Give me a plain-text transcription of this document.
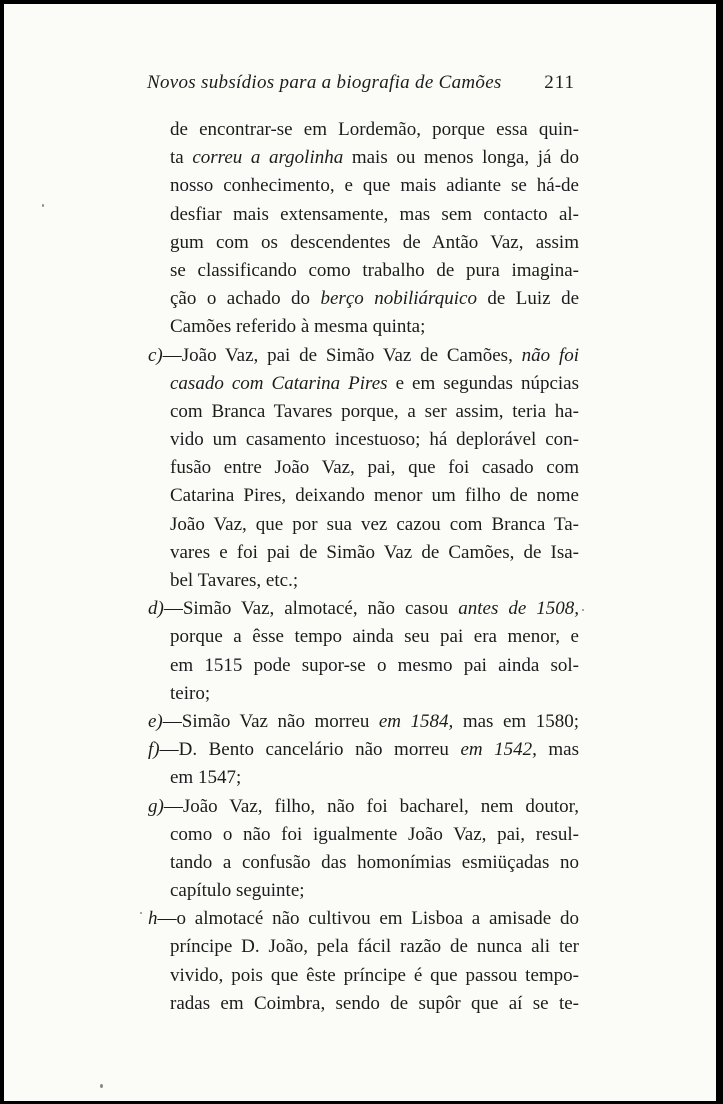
Novos subsídios para a biografia de Camões 211
de encontrar-se em Lordemão, porque essa quin-
ta correu a argolinha mais ou menos longa, já do
nosso conhecimento, e que mais adiante se há-de
desfiar mais extensamente, mas sem contacto al-
gum com os descendentes de Antão Vaz, assim
se classificando como trabalho de pura imagina-
ção o achado do berço nobiliárquico de Luiz de
Camões referido à mesma quinta;
c)—João Vaz, pai de Simão Vaz de Camões, não foi
casado com Catarina Pires e em segundas núpcias
com Branca Tavares porque, a ser assim, teria ha-
vido um casamento incestuoso; há deplorável con-
fusão entre João Vaz, pai, que foi casado com
Catarina Pires, deixando menor um filho de nome
João Vaz, que por sua vez cazou com Branca Ta-
vares e foi pai de Simão Vaz de Camões, de Isa-
bel Tavares, etc.;
d)—Simão Vaz, almotacé, não casou antes de 1508,
porque a êsse tempo ainda seu pai era menor, e
em 1515 pode supor-se o mesmo pai ainda sol-
teiro;
e)—Simão Vaz não morreu em 1584, mas em 1580;
f)—D. Bento cancelário não morreu em 1542, mas
em 1547;
g)—João Vaz, filho, não foi bacharel, nem doutor,
como o não foi igualmente João Vaz, pai, resul-
tando a confusão das homonímias esmiüçadas no
capítulo seguinte;
h—o almotacé não cultivou em Lisboa a amisade do
príncipe D. João, pela fácil razão de nunca ali ter
vivido, pois que êste príncipe é que passou tempo-
radas em Coimbra, sendo de supôr que aí se te-
